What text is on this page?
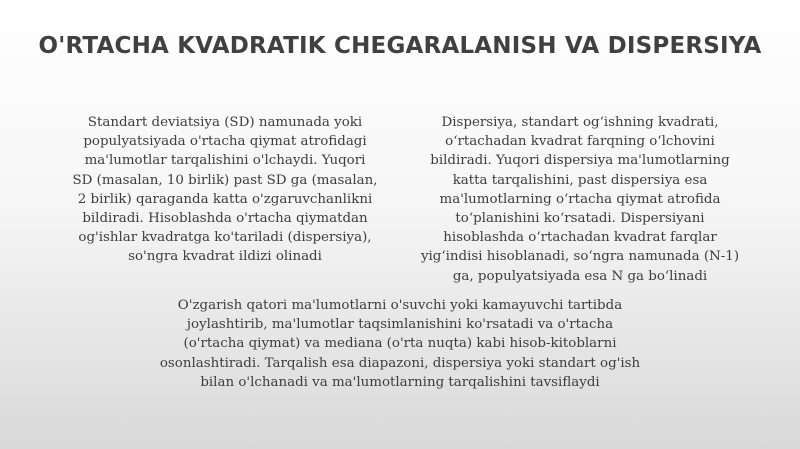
O'RTACHA KVADRATIK CHEGARALANISH VA DISPERSIYA

Standart deviatsiya (SD) namunada yoki

populyatsiyada o'rtacha qiymat atrofidagi

ma'lumotlar tarqalishini o'lchaydi. Yuqori

SD (masalan, 10 birlik) past SD ga (masalan,

2 birlik) qaraganda katta o'zgaruvchanlikni

bildiradi. Hisoblashda o'rtacha qiymatdan

og'ishlar kvadratga ko'tariladi (dispersiya),

so'ngra kvadrat ildizi olinadi

Dispersiya, standart og‘ishning kvadrati,

o‘rtachadan kvadrat farqning o‘lchovini

bildiradi. Yuqori dispersiya ma'lumotlarning

katta tarqalishini, past dispersiya esa

ma'lumotlarning o‘rtacha qiymat atrofida

to‘planishini ko‘rsatadi. Dispersiyani

hisoblashda o‘rtachadan kvadrat farqlar

yig‘indisi hisoblanadi, so‘ngra namunada (N-1)

ga, populyatsiyada esa N ga bo‘linadi

O'zgarish qatori ma'lumotlarni o'suvchi yoki kamayuvchi tartibda

joylashtirib, ma'lumotlar taqsimlanishini ko'rsatadi va o'rtacha

(o'rtacha qiymat) va mediana (o'rta nuqta) kabi hisob-kitoblarni

osonlashtiradi. Tarqalish esa diapazoni, dispersiya yoki standart og'ish

bilan o'lchanadi va ma'lumotlarning tarqalishini tavsiflaydi
